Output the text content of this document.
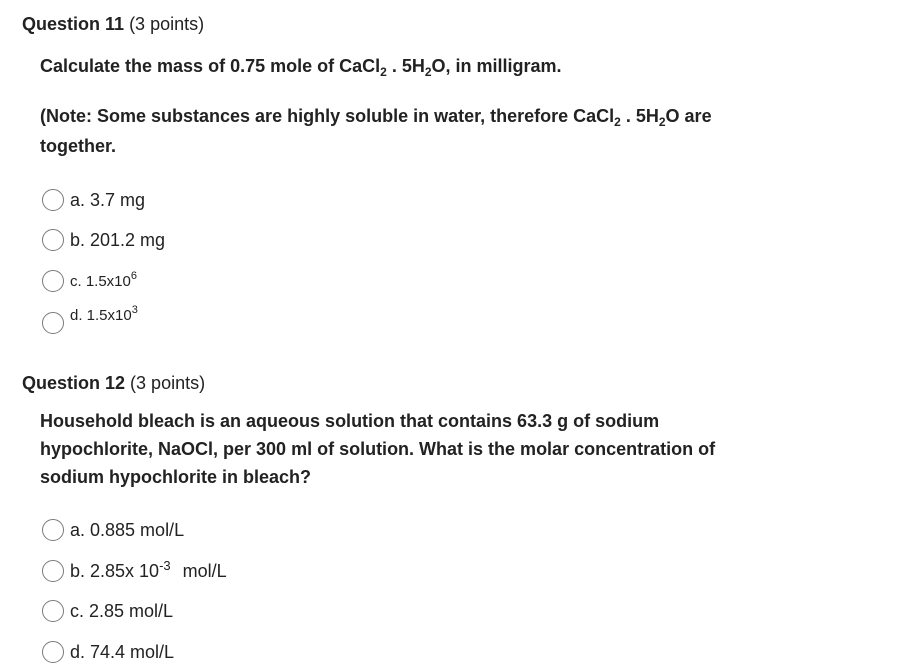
Question 11 (3 points)
Calculate the mass of 0.75 mole of CaCl$_2$ . $5H_2O$, in milligram.
(Note: Some substances are highly soluble in water, therefore CaCl$_2$ . $5H_2O$ are
together.
a. 3.7 mg
b. 201.2 mg
c. $1.5x10^6$
d. $1.5x10^3$
Question 12 (3 points)
Household bleach is an aqueous solution that contains 63.3 g of sodium
hypochlorite, NaOCl, per 300 ml of solution. What is the molar concentration of
sodium hypochlorite in bleach?
a. 0.885 mol/L
b. 2.85x $10^{-3}$ mol/L
c. 2.85 mol/L
d. 74.4 mol/L
